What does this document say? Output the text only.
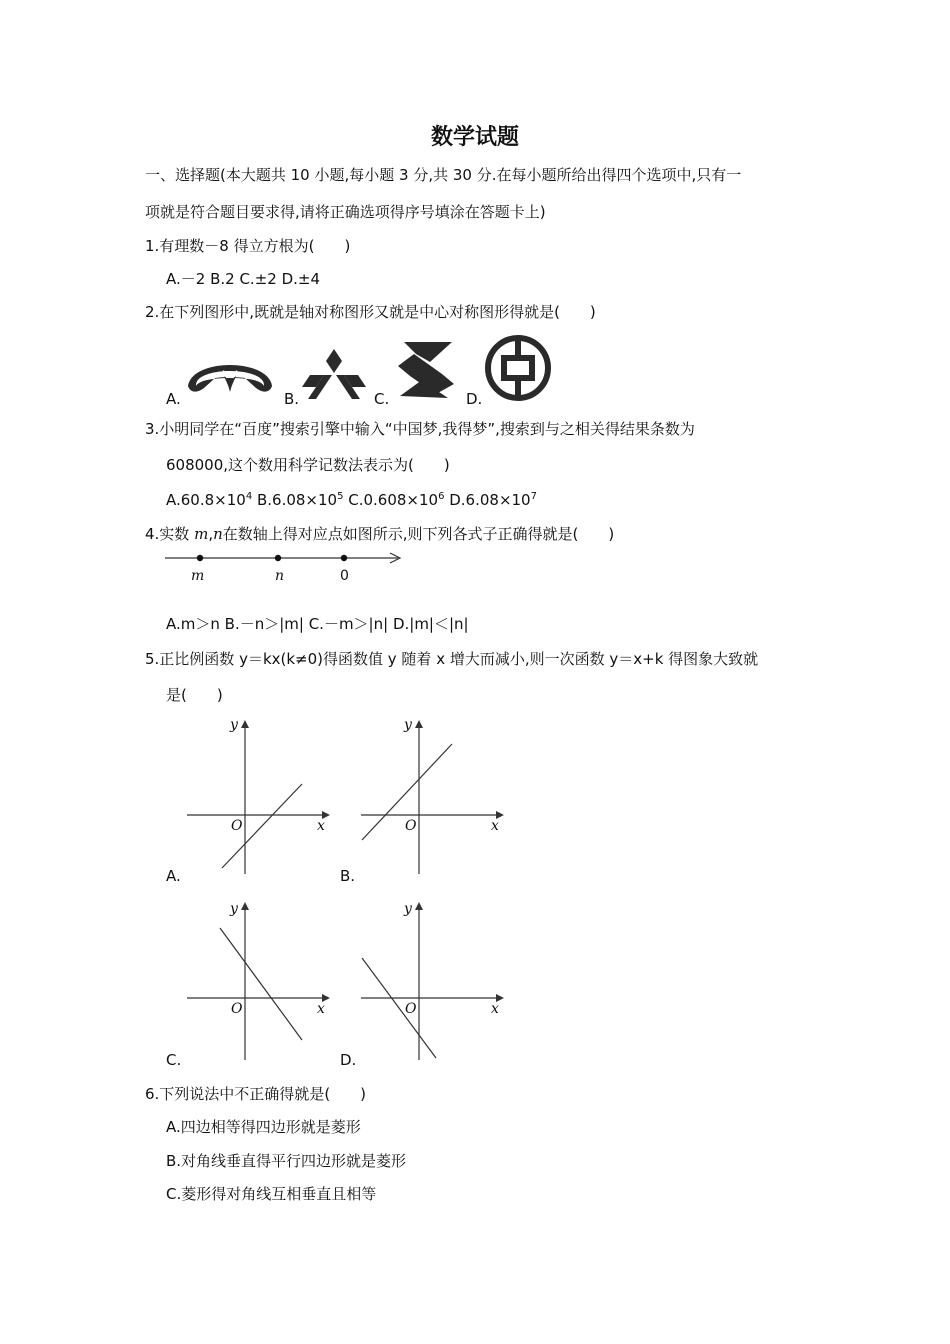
数学试题
一、选择题(本大题共 10 小题,每小题 3 分,共 30 分.在每小题所给出得四个选项中,只有一
项就是符合题目要求得,请将正确选项得序号填涂在答题卡上)
1.有理数－8 得立方根为(　　)
A.－2 B.2 C.±2 D.±4
2.在下列图形中,既就是轴对称图形又就是中心对称图形得就是(　　)
A.	B.	C.	D.
3.小明同学在“百度”搜索引擎中输入“中国梦,我得梦”,搜索到与之相关得结果条数为
608000,这个数用科学记数法表示为(　　)
$A.60.8\times 10^4$ $B.6.08\times 10^5$ $C.0.608\times 10^6$ $D.6.08\times 10^7$
4.实数 m,n在数轴上得对应点如图所示,则下列各式子正确得就是(　　)
m	n	0
A.m＞n B.－n＞|m| C.－m＞|n| D.|m|＜|n|
5.正比例函数 y＝kx(k≠0)得函数值 y 随着 x 增大而减小,则一次函数 y＝x+k 得图象大致就
是(　　)
y
x
O
A.
y
x
O
B.
y
x
O
C.
y
x
O
D.
6.下列说法中不正确得就是(　　)
A.四边相等得四边形就是菱形
B.对角线垂直得平行四边形就是菱形
C.菱形得对角线互相垂直且相等
